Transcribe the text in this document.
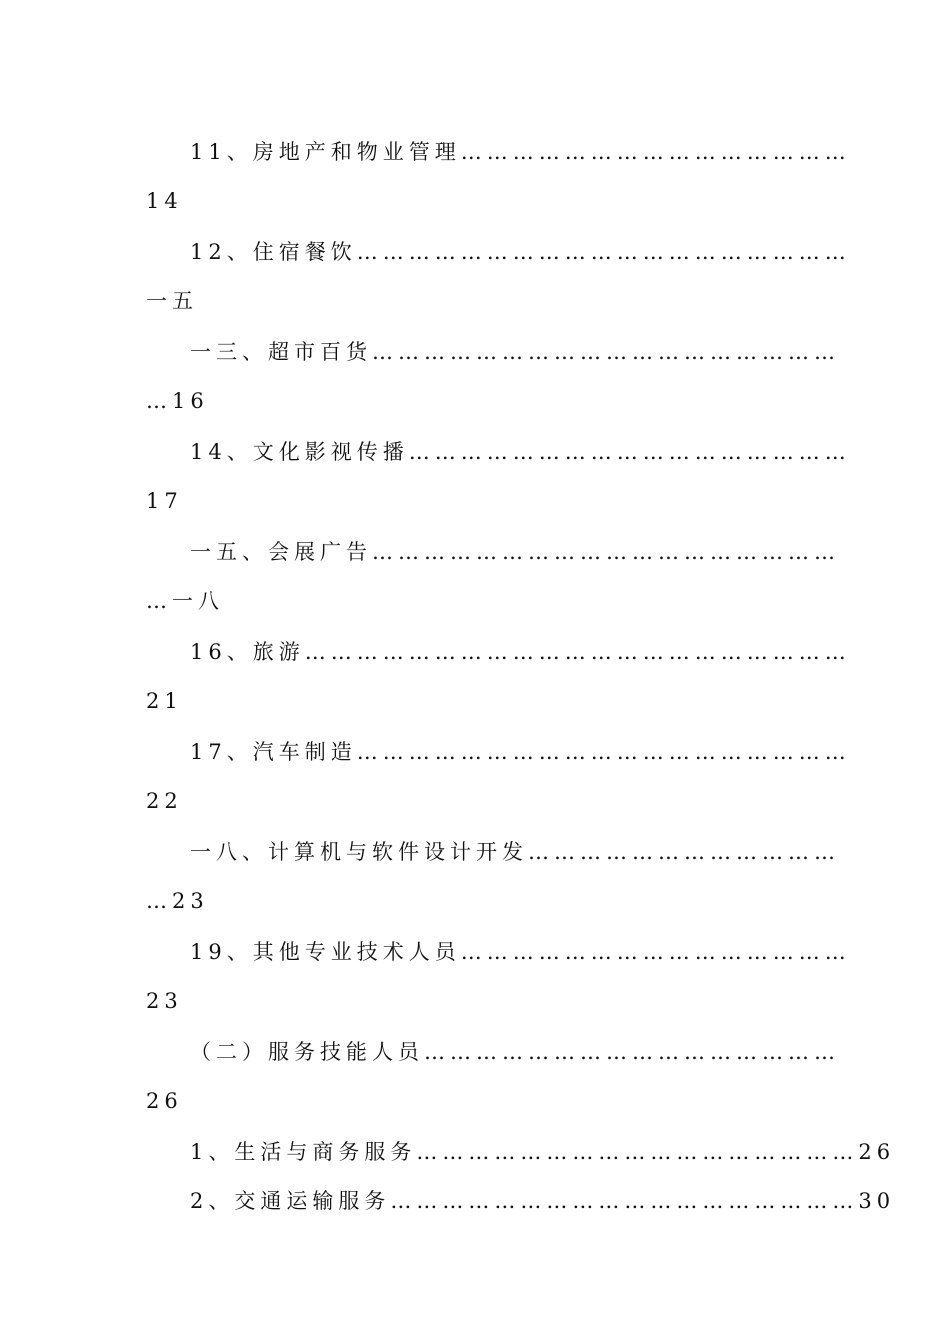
11、房地产和物业管理………………………………………
14
12、住宿餐饮…………………………………………………
一五
一三、超市百货………………………………………………
…16
14、文化影视传播……………………………………………
17
一五、会展广告………………………………………………
…一八
16、旅游………………………………………………………
21
17、汽车制造…………………………………………………
22
一八、计算机与软件设计开发………………………………
…23
19、其他专业技术人员………………………………………
23
（二）服务技能人员…………………………………………
26
1、生活与商务服务……………………………………………26
2、交通运输服务………………………………………………30
